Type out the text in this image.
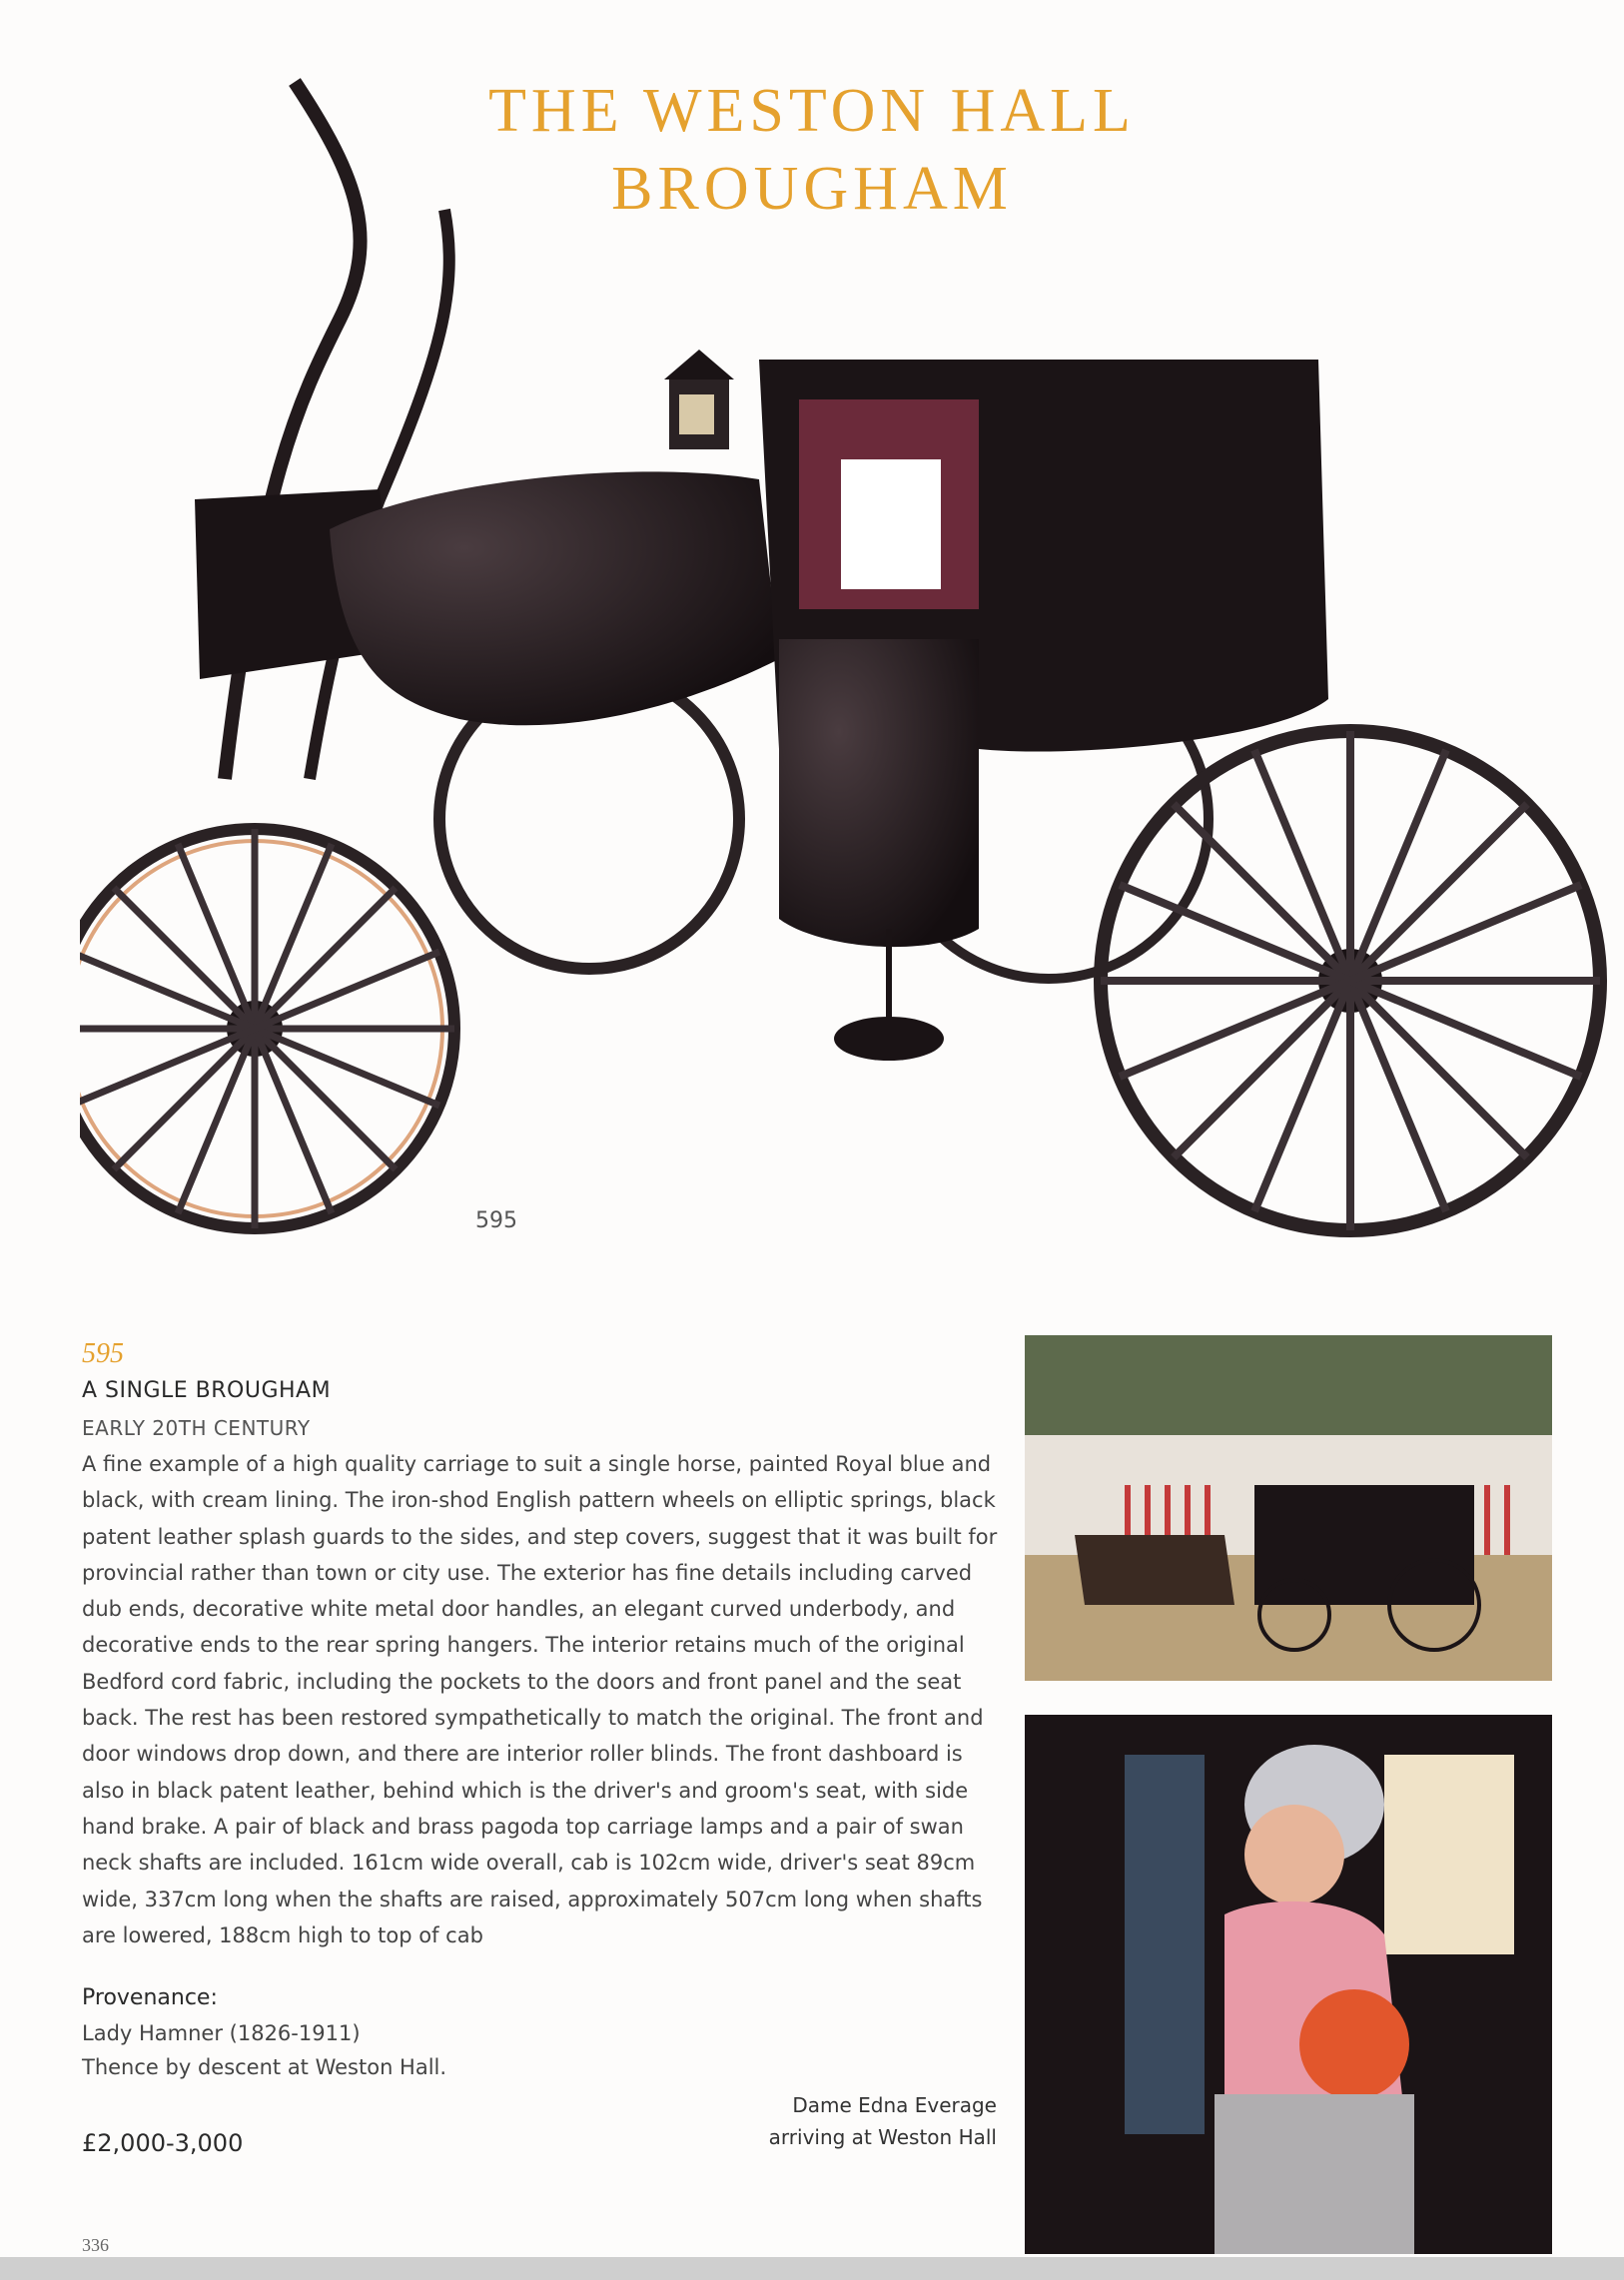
THE WESTON HALL
BROUGHAM
595
595
A SINGLE BROUGHAM
EARLY 20TH CENTURY
A fine example of a high quality carriage to suit a single horse, painted Royal blue and black, with cream lining. The iron-shod English pattern wheels on elliptic springs, black patent leather splash guards to the sides, and step covers, suggest that it was built for provincial rather than town or city use. The exterior has fine details including carved dub ends, decorative white metal door handles, an elegant curved underbody, and decorative ends to the rear spring hangers. The interior retains much of the original Bedford cord fabric, including the pockets to the doors and front panel and the seat back. The rest has been restored sympathetically to match the original. The front and door windows drop down, and there are interior roller blinds. The front dashboard is also in black patent leather, behind which is the driver's and groom's seat, with side hand brake. A pair of black and brass pagoda top carriage lamps and a pair of swan neck shafts are included. 161cm wide overall, cab is 102cm wide, driver's seat 89cm wide, 337cm long when the shafts are raised, approximately 507cm long when shafts are lowered, 188cm high to top of cab
Provenance:
Lady Hamner (1826-1911)
Thence by descent at Weston Hall.
£2,000-3,000
Dame Edna Everage
arriving at Weston Hall
336
